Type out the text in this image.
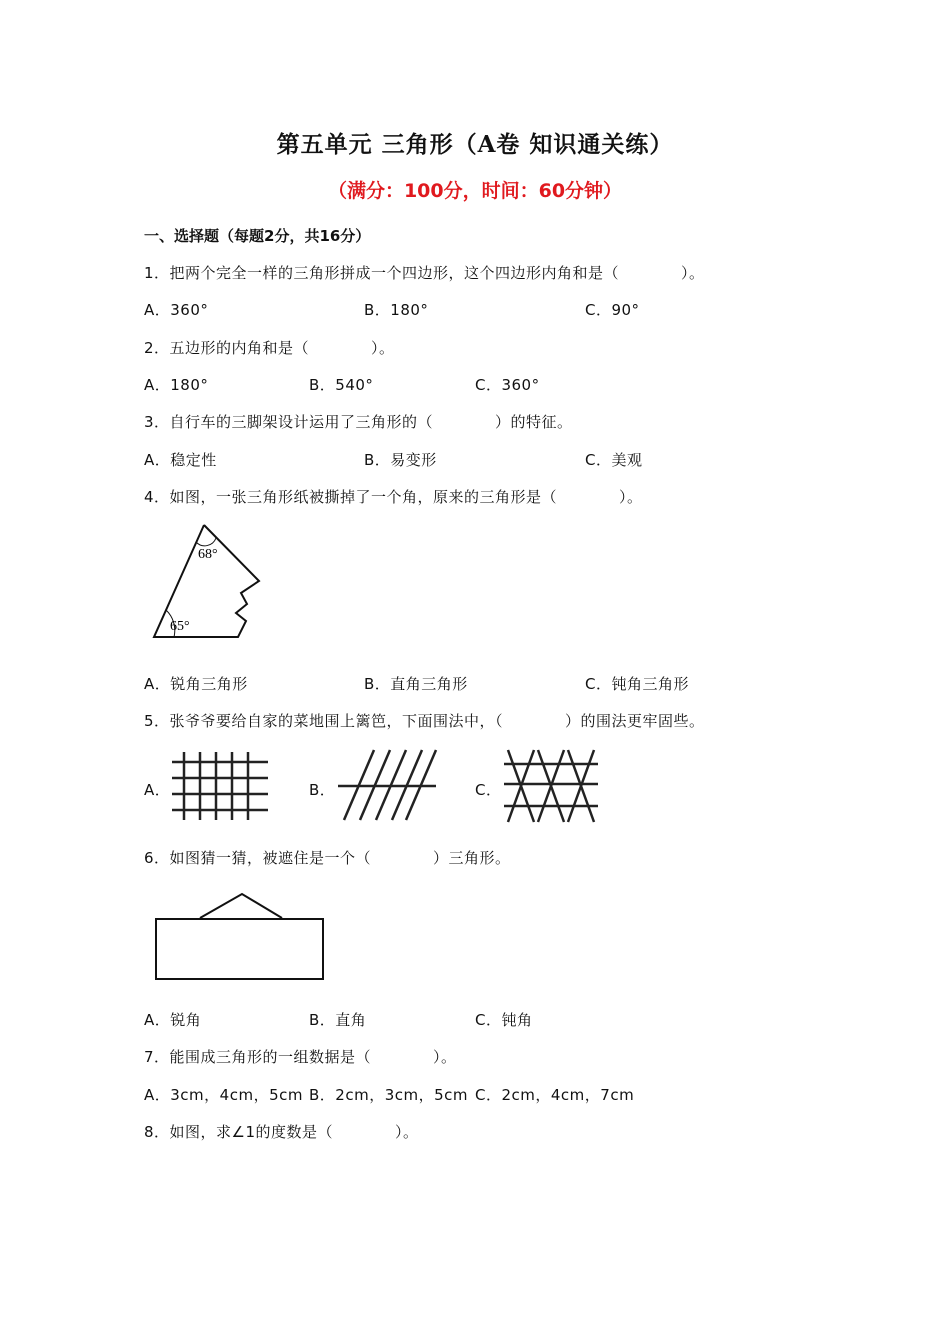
第五单元 三角形（A卷 知识通关练）
（满分：100分，时间：60分钟）
一、选择题（每题2分，共16分）
1．把两个完全一样的三角形拼成一个四边形，这个四边形内角和是（　　　　）。
A．360°	B．180°	C．90°
2．五边形的内角和是（　　　　）。
A．180°	B．540°	C．360°
3．自行车的三脚架设计运用了三角形的（　　　　）的特征。
A．稳定性	B．易变形	C．美观
4．如图，一张三角形纸被撕掉了一个角，原来的三角形是（　　　　）。
68°
65°
A．锐角三角形	B．直角三角形	C．钝角三角形
5．张爷爷要给自家的菜地围上篱笆，下面围法中，（　　　　）的围法更牢固些。
A．	B．	C．
6．如图猜一猜，被遮住是一个（　　　　）三角形。
A．锐角	B．直角	C．钝角
7．能围成三角形的一组数据是（　　　　）。
A．3cm，4cm，5cm B．2cm，3cm，5cm C．2cm，4cm，7cm
8．如图，求∠1的度数是（　　　　）。
